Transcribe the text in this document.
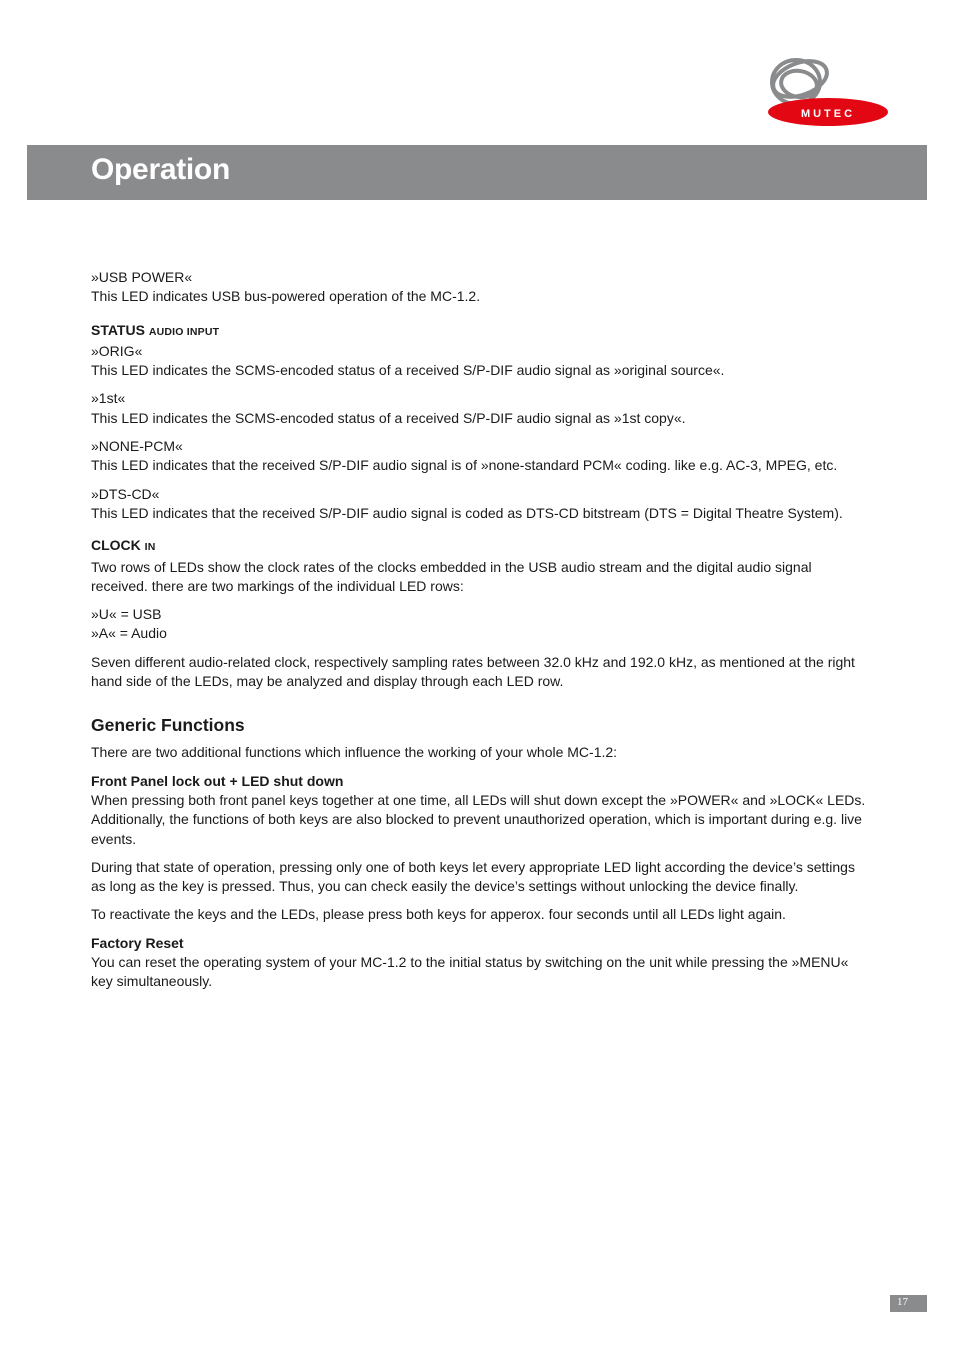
MUTEC
Operation

»USB POWER«
This LED indicates USB bus-powered operation of the MC-1.2.

STATUS AUDIO INPUT
»ORIG«
This LED indicates the SCMS-encoded status of a received S/P-DIF audio signal as »original source«.

»1st«
This LED indicates the SCMS-encoded status of a received S/P-DIF audio signal as »1st copy«.

»NONE-PCM«
This LED indicates that the received S/P-DIF audio signal is of »none-standard PCM« coding. like e.g. AC-3, MPEG, etc.

»DTS-CD«
This LED indicates that the received S/P-DIF audio signal is coded as DTS-CD bitstream (DTS = Digital Theatre System).

CLOCK IN
Two rows of LEDs show the clock rates of the clocks embedded in the USB audio stream and the digital audio signal received. there are two markings of the individual LED rows:

»U« = USB
»A« = Audio

Seven different audio-related clock, respectively sampling rates between 32.0 kHz and 192.0 kHz, as mentioned at the right hand side of the LEDs, may be analyzed and display through each LED row.

Generic Functions

There are two additional functions which influence the working of your whole MC-1.2:

Front Panel lock out + LED shut down
When pressing both front panel keys together at one time, all LEDs will shut down except the »POWER« and »LOCK« LEDs. Additionally, the functions of both keys are also blocked to prevent unauthorized operation, which is important during e.g. live events.

During that state of operation, pressing only one of both keys let every appropriate LED light according the device’s settings as long as the key is pressed. Thus, you can check easily the device’s settings without unlocking the device finally.

To reactivate the keys and the LEDs, please press both keys for apperox. four seconds until all LEDs light again.

Factory Reset
You can reset the operating system of your MC-1.2 to the initial status by switching on the unit while pressing the »MENU« key simultaneously.

17
